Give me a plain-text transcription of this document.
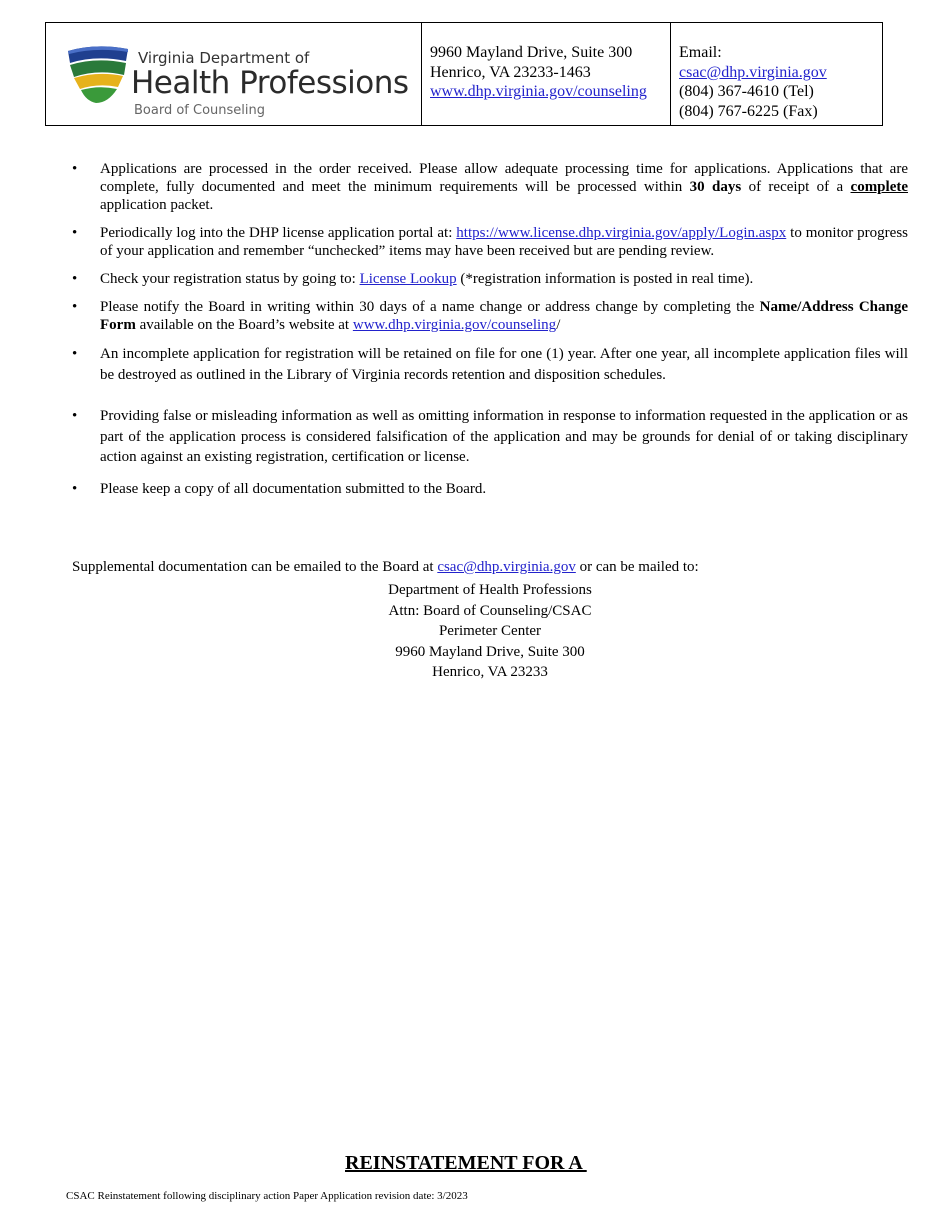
Virginia Department of
Health Professions
Board of Counseling
9960 Mayland Drive, Suite 300
Henrico, VA 23233-1463
www.dhp.virginia.gov/counseling
Email:
csac@dhp.virginia.gov
(804) 367-4610 (Tel)
(804) 767-6225 (Fax)
•	Applications are processed in the order received. Please allow adequate processing time for applications. Applications that are complete, fully documented and meet the minimum requirements will be processed within 30 days of receipt of a complete application packet.
•	Periodically log into the DHP license application portal at: https://www.license.dhp.virginia.gov/apply/Login.aspx to monitor progress of your application and remember “unchecked” items may have been received but are pending review.
•	Check your registration status by going to: License Lookup (*registration information is posted in real time).
•	Please notify the Board in writing within 30 days of a name change or address change by completing the Name/Address Change Form available on the Board’s website at www.dhp.virginia.gov/counseling/
•	An incomplete application for registration will be retained on file for one (1) year. After one year, all incomplete application files will be destroyed as outlined in the Library of Virginia records retention and disposition schedules.
•	Providing false or misleading information as well as omitting information in response to information requested in the application or as part of the application process is considered falsification of the application and may be grounds for denial of or taking disciplinary action against an existing registration, certification or license.
•	Please keep a copy of all documentation submitted to the Board.
Supplemental documentation can be emailed to the Board at csac@dhp.virginia.gov or can be mailed to:
Department of Health Professions
Attn: Board of Counseling/CSAC
Perimeter Center
9960 Mayland Drive, Suite 300
Henrico, VA 23233
REINSTATEMENT FOR A
CSAC Reinstatement following disciplinary action Paper Application revision date: 3/2023
